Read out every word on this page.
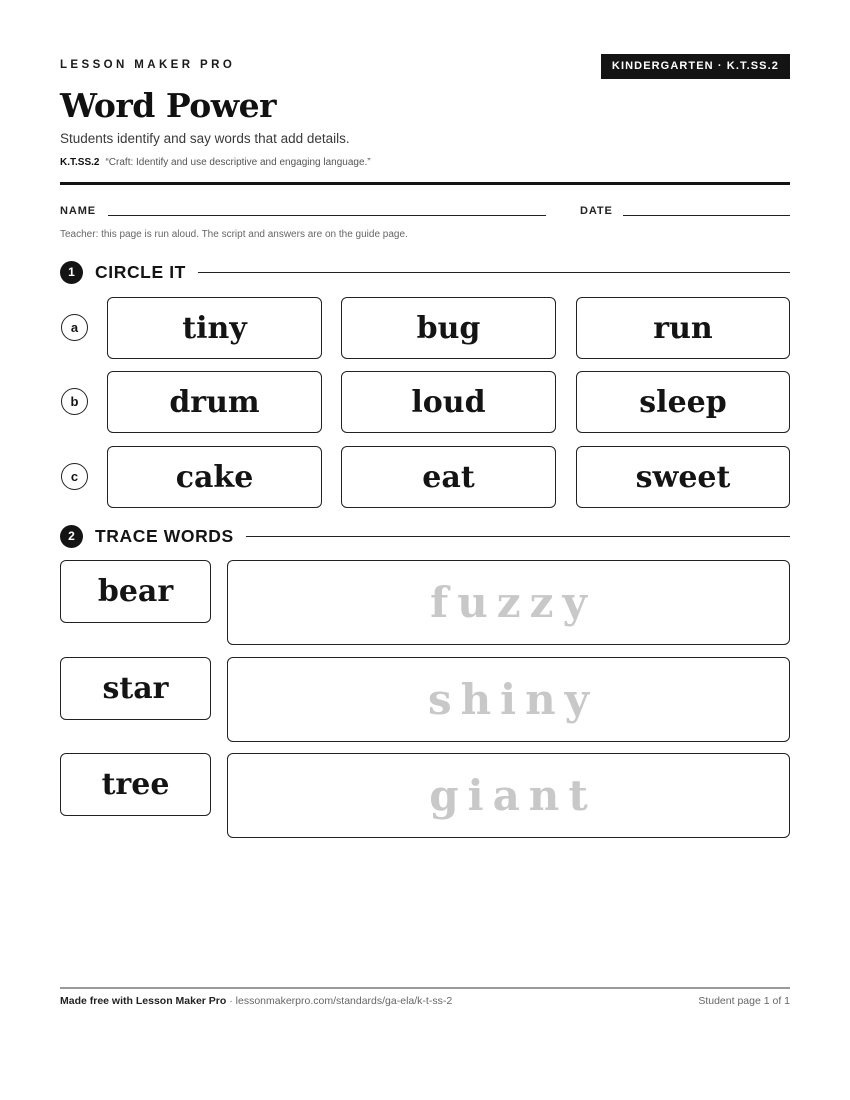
LESSON MAKER PRO	KINDERGARTEN · K.T.SS.2
Word Power
Students identify and say words that add details.
K.T.SS.2 “Craft: Identify and use descriptive and engaging language.”
NAME	DATE
Teacher: this page is run aloud. The script and answers are on the guide page.
1	CIRCLE IT
a	tiny	bug	run
b	drum	loud	sleep
c	cake	eat	sweet
2	TRACE WORDS
bear	fuzzy
star	shiny
tree	giant
Made free with Lesson Maker Pro · lessonmakerpro.com/standards/ga-ela/k-t-ss-2	Student page 1 of 1
